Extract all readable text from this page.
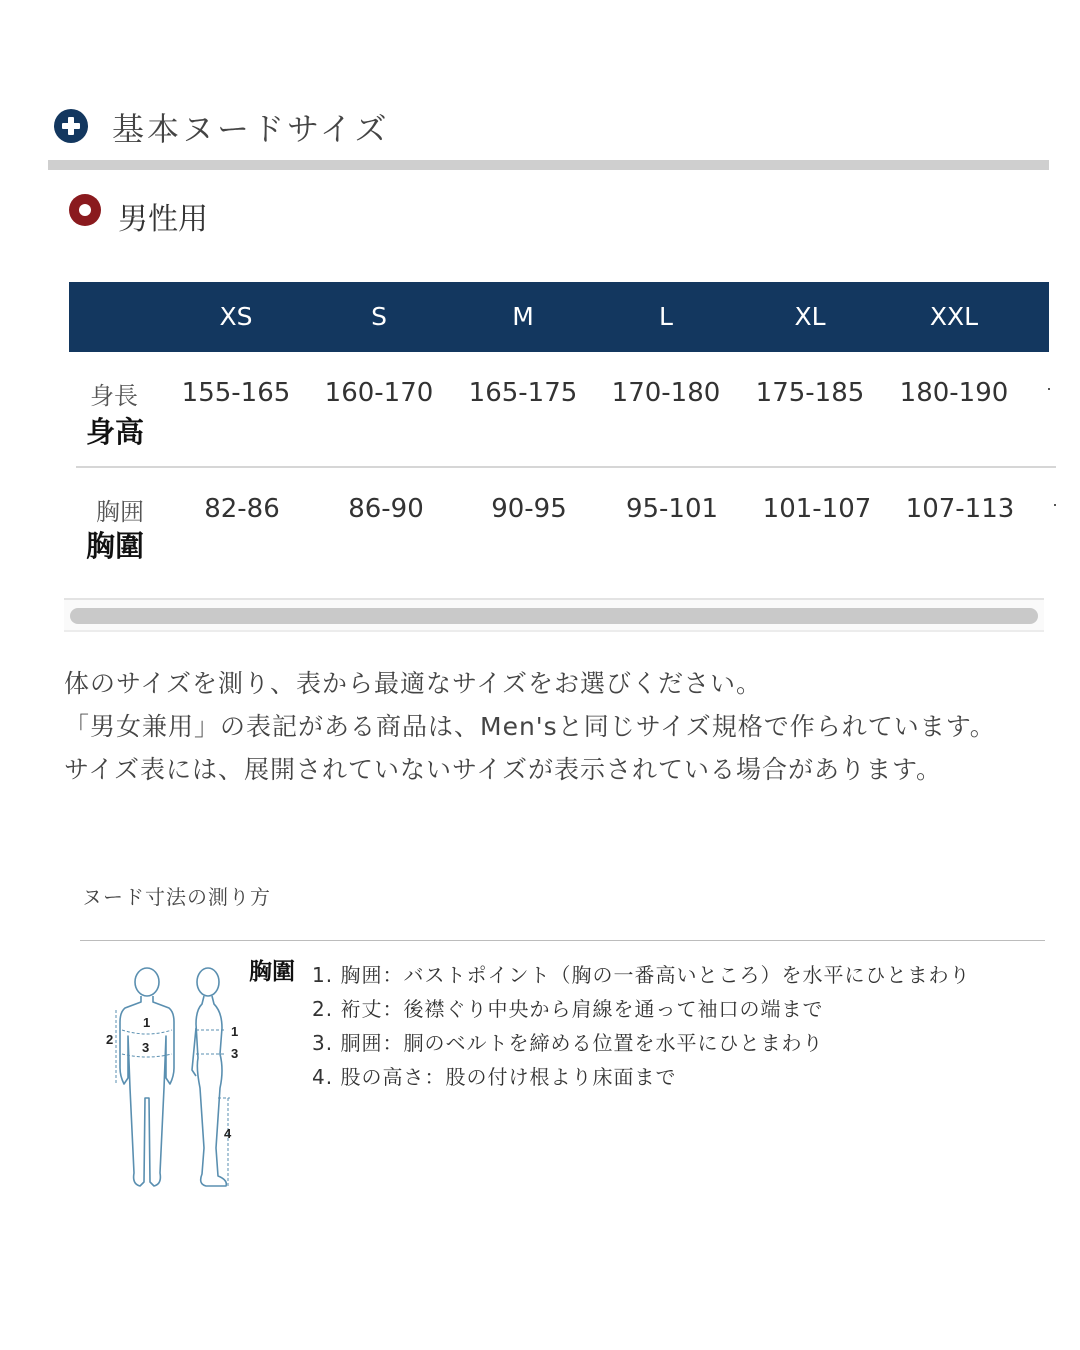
基本ヌードサイズ
男性用
XS	S	M	L	XL	XXL
身長
身高
155-165	160-170	165-175	170-180	175-185	180-190
胸囲
胸圍
82-86	86-90	90-95	95-101	101-107	107-113
体のサイズを測り、表から最適なサイズをお選びください。
「男女兼用」の表記がある商品は、Men'sと同じサイズ規格で作られています。
サイズ表には、展開されていないサイズが表示されている場合があります。
ヌード寸法の測り方
胸圍 1. 胸囲：バストポイント（胸の一番高いところ）を水平にひとまわり
2. 裄丈：後襟ぐり中央から肩線を通って袖口の端まで
3. 胴囲：胴のベルトを締める位置を水平にひとまわり
4. 股の高さ：股の付け根より床面まで
1
2
3
1
3
4
